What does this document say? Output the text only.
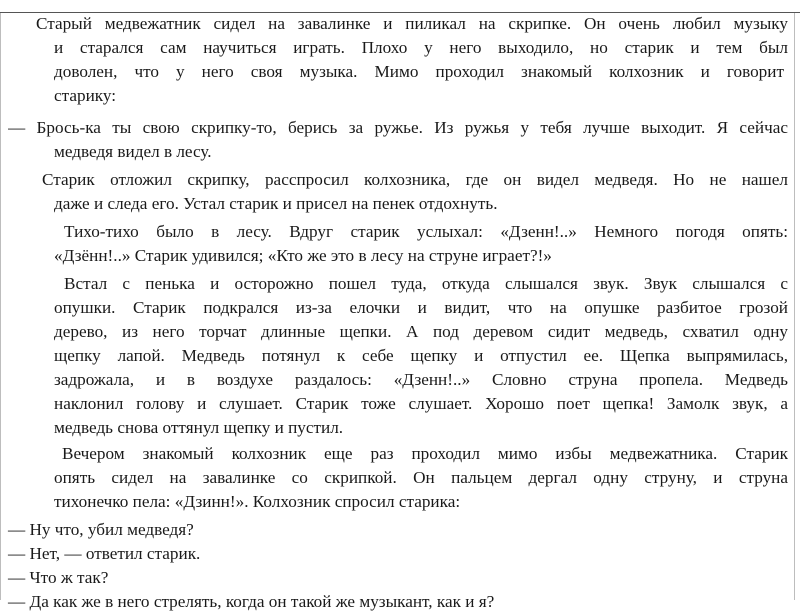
Старый медвежатник сидел на завалинке и пиликал на скрипке. Он очень любил музыку
и старался сам научиться играть. Плохо у него выходило, но старик и тем был
доволен, что у него своя музыка. Мимо проходил знакомый колхозник и говорит
старику:
— Брось-ка ты свою скрипку-то, берись за ружье. Из ружья у тебя лучше выходит. Я сейчас
медведя видел в лесу.
Старик отложил скрипку, расспросил колхозника, где он видел медведя. Но не нашел
даже и следа его. Устал старик и присел на пенек отдохнуть.
Тихо-тихо было в лесу. Вдруг старик услыхал: «Дзенн!..» Немного погодя опять:
«Дзённ!..» Старик удивился; «Кто же это в лесу на струне играет?!»
Встал с пенька и осторожно пошел туда, откуда слышался звук. Звук слышался с
опушки. Старик подкрался из-за елочки и видит, что на опушке разбитое грозой
дерево, из него торчат длинные щепки. А под деревом сидит медведь, схватил одну
щепку лапой. Медведь потянул к себе щепку и отпустил ее. Щепка выпрямилась,
задрожала, и в воздухе раздалось: «Дзенн!..» Словно струна пропела. Медведь
наклонил голову и слушает. Старик тоже слушает. Хорошо поет щепка! Замолк звук, а
медведь снова оттянул щепку и пустил.
Вечером знакомый колхозник еще раз проходил мимо избы медвежатника. Старик
опять сидел на завалинке со скрипкой. Он пальцем дергал одну струну, и струна
тихонечко пела: «Дзинн!». Колхозник спросил старика:
— Ну что, убил медведя?
— Нет, — ответил старик.
— Что ж так?
— Да как же в него стрелять, когда он такой же музыкант, как и я?
